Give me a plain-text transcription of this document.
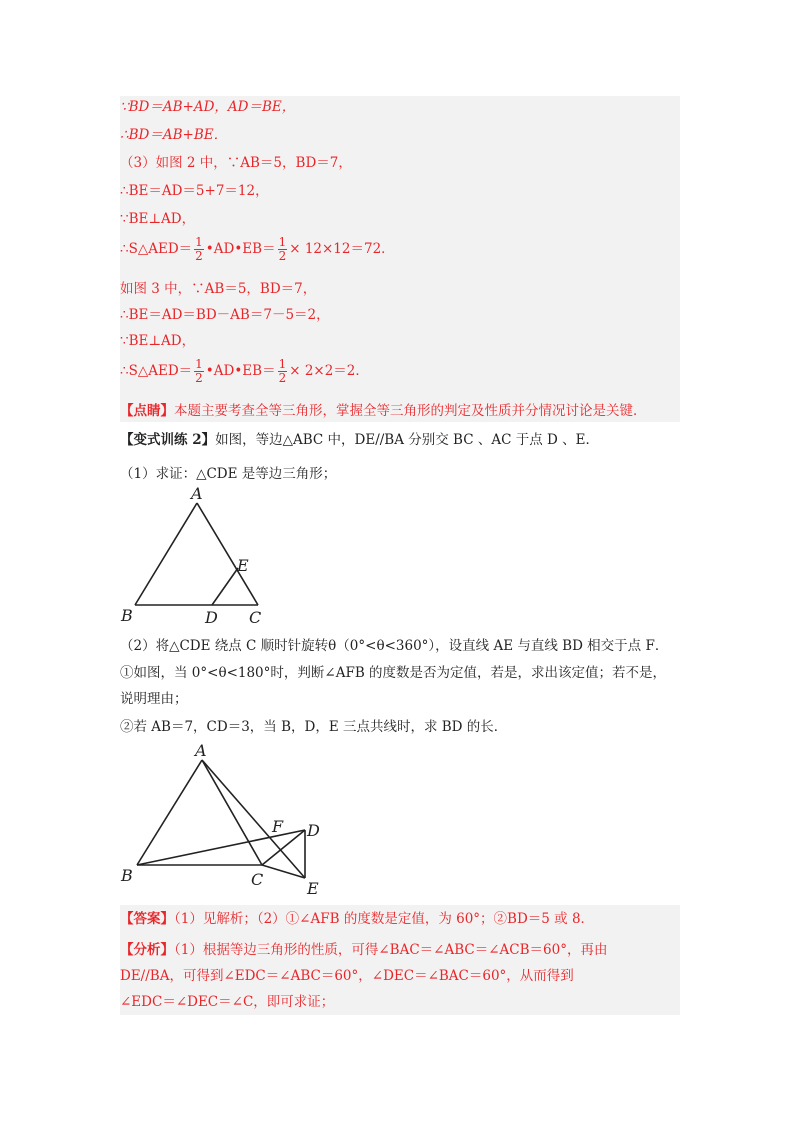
∵BD＝AB+AD，AD＝BE，
∴BD＝AB+BE．
（3）如图 2 中，∵AB＝5，BD＝7，
∴BE＝AD＝5+7＝12，
∵BE⊥AD，
∴S△AED＝ $\frac{1}{2}$ •AD•EB＝ $\frac{1}{2} \times 12\times 12=72$．
如图 3 中，∵AB＝5，BD＝7，
∴BE＝AD＝BD－AB＝7－5＝2，
∵BE⊥AD，
∴S△AED＝ $\frac{1}{2}$ •AD•EB＝ $\frac{1}{2} \times 2\times 2=2$．
【点睛】本题主要考查全等三角形，掌握全等三角形的判定及性质并分情况讨论是关键．
【变式训练 2】如图，等边△ABC 中，DE//BA 分别交 BC 、AC 于点 D 、E．
（1）求证：△CDE 是等边三角形；
A
B	D C
E
（2）将△CDE 绕点 C 顺时针旋转θ（0°<θ<360°），设直线 AE 与直线 BD 相交于点 F．
①如图，当 0°<θ<180°时，判断∠AFB 的度数是否为定值，若是，求出该定值；若不是，
说明理由；
②若 AB＝7，CD＝3，当 B，D，E 三点共线时，求 BD 的长．
A
B	C
D
E
F
【答案】（1）见解析；（2）①∠AFB 的度数是定值，为 60°；②BD＝5 或 8．
【分析】（1）根据等边三角形的性质，可得∠BAC＝∠ABC＝∠ACB＝60°，再由
DE//BA，可得到∠EDC＝∠ABC＝60°，∠DEC＝∠BAC＝60°，从而得到
∠EDC＝∠DEC＝∠C，即可求证；
